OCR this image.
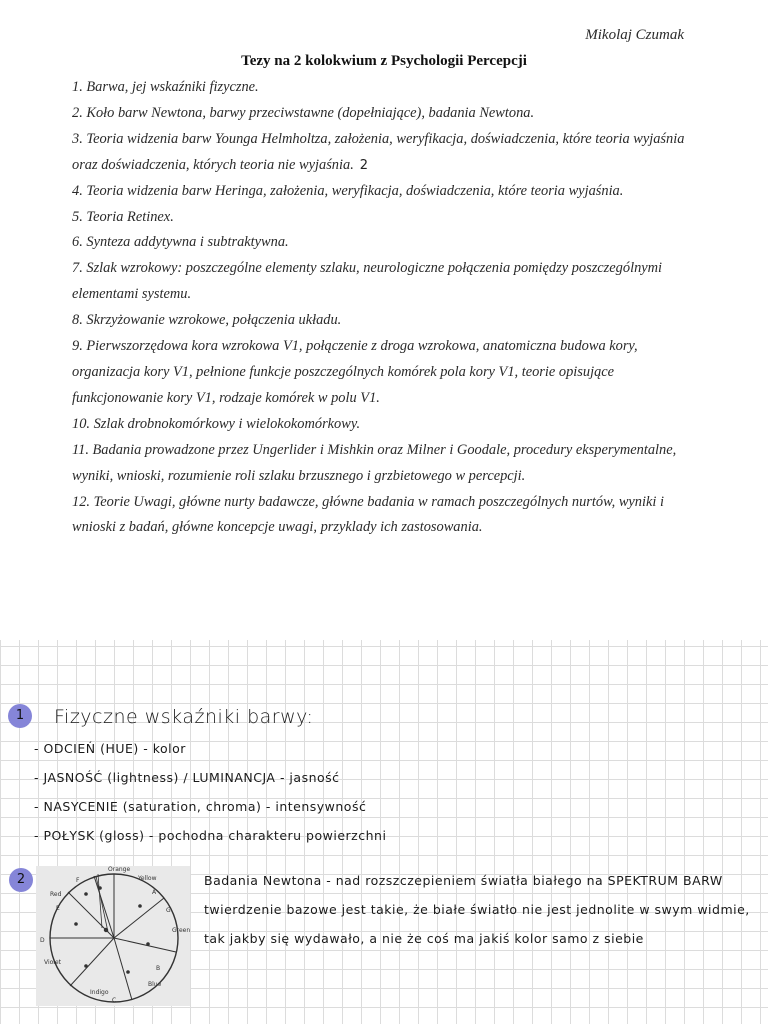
Mikolaj Czumak
Tezy na 2 kolokwium z Psychologii Percepcji

1. Barwa, jej wskaźniki fizyczne.

2. Koło barw Newtona, barwy przeciwstawne (dopełniające), badania Newtona.

3. Teoria widzenia barw Younga Helmholtza, założenia, weryfikacja, doświadczenia, które teoria wyjaśnia oraz doświadczenia, których teoria nie wyjaśnia. 2

4. Teoria widzenia barw Heringa, założenia, weryfikacja, doświadczenia, które teoria wyjaśnia.

5. Teoria Retinex.

6. Synteza addytywna i subtraktywna.

7. Szlak wzrokowy: poszczególne elementy szlaku, neurologiczne połączenia pomiędzy poszczególnymi elementami systemu.

8. Skrzyżowanie wzrokowe, połączenia układu.

9. Pierwszorzędowa kora wzrokowa V1, połączenie z droga wzrokowa, anatomiczna budowa kory, organizacja kory V1, pełnione funkcje poszczególnych komórek pola kory V1, teorie opisujące funkcjonowanie kory V1, rodzaje komórek w polu V1.

10. Szlak drobnokomórkowy i wielokokomórkowy.

11. Badania prowadzone przez Ungerlider i Mishkin oraz Milner i Goodale, procedury eksperymentalne, wyniki, wnioski, rozumienie roli szlaku brzusznego i grzbietowego w percepcji.

12. Teorie Uwagi, główne nurty badawcze, główne badania w ramach poszczególnych nurtów, wyniki i wnioski z badań, główne koncepcje uwagi, przyklady ich zastosowania.

1	Fizyczne wskaźniki barwy:
- ODCIEŃ (HUE) - kolor
- JASNOŚĆ (lightness) / LUMINANCJA - jasność
- NASYCENIE (saturation, chroma) - intensywność
- POŁYSK (gloss) - pochodna charakteru powierzchni
2
Orange
Yellow
G
Green
Blue
Indigo
Violet
Red
D
E
F
A
B
C
Badania Newtona - nad rozszczepieniem światła białego na SPEKTRUM BARW
twierdzenie bazowe jest takie, że białe światło nie jest jednolite w swym widmie, tak jakby się wydawało, a nie że coś ma jakiś kolor samo z siebie
